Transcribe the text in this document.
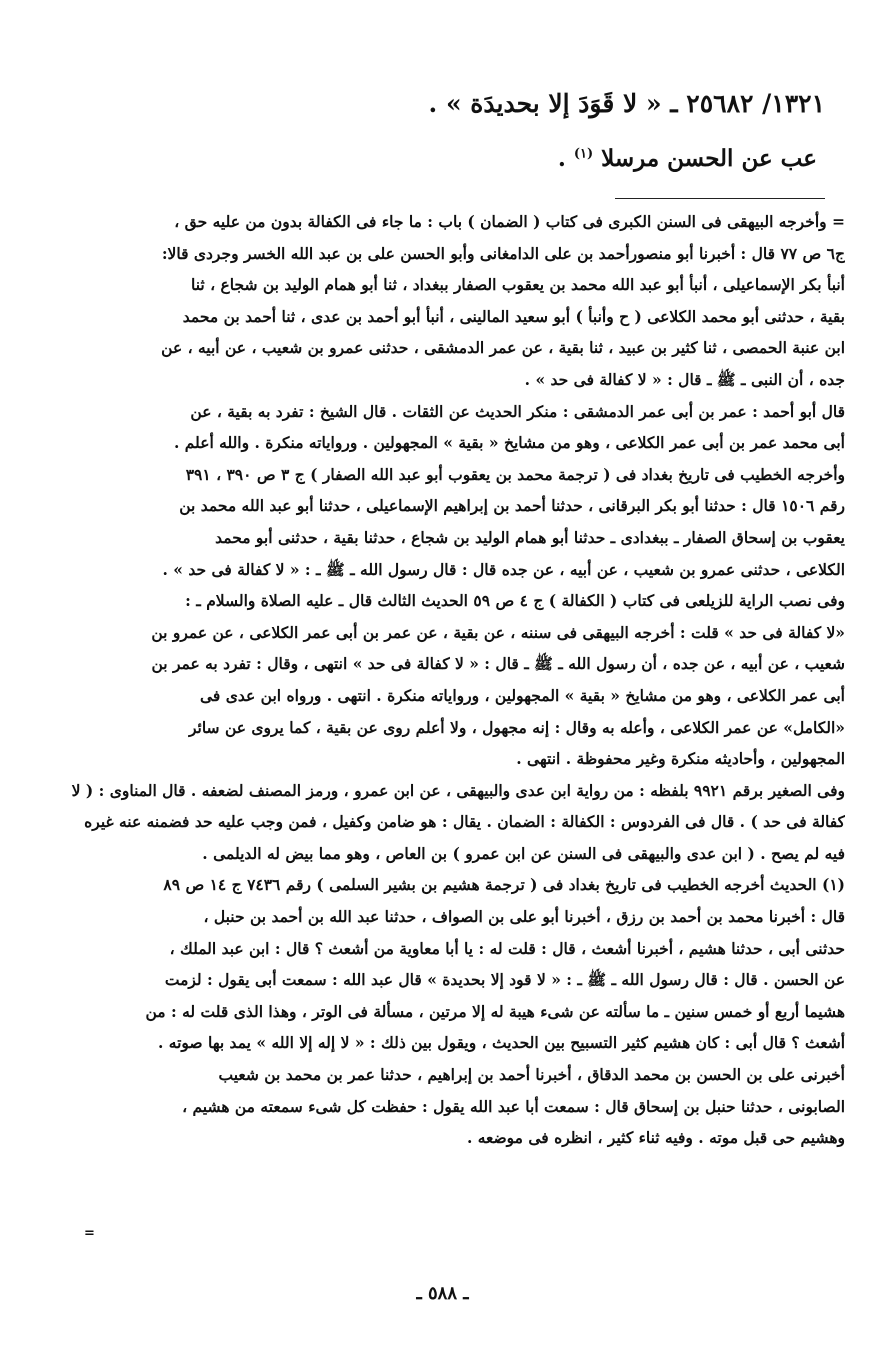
١٣٢١/ ٢٥٦٨٢ ـ « لا قَوَدَ إلا بحديدَة » .
عب عن الحسن مرسلا $^{(١)}$ .
= وأخرجه البيهقى فى السنن الكبرى فى كتاب ( الضمان ) باب : ما جاء فى الكفالة بدون من عليه حق ،
ج٦ ص ٧٧ قال : أخبرنا أبو منصورأحمد بن على الدامغانى وأبو الحسن على بن عبد الله الخسر وجردى قالا:
أنبأ بكر الإسماعيلى ، أنبأ أبو عبد الله محمد بن يعقوب الصفار ببغداد ، ثنا أبو همام الوليد بن شجاع ، ثنا
بقية ، حدثنى أبو محمد الكلاعى ( ح وأنبأ ) أبو سعيد المالينى ، أنبأ أبو أحمد بن عدى ، ثنا أحمد بن محمد
ابن عنبة الحمصى ، ثنا كثير بن عبيد ، ثنا بقية ، عن عمر الدمشقى ، حدثنى عمرو بن شعيب ، عن أبيه ، عن
جده ، أن النبى ـ ﷺ ـ قال : « لا كفالة فى حد » .
قال أبو أحمد : عمر بن أبى عمر الدمشقى : منكر الحديث عن الثقات . قال الشيخ : تفرد به بقية ، عن
أبى محمد عمر بن أبى عمر الكلاعى ، وهو من مشايخ « بقية » المجهولين . ورواياته منكرة . والله أعلم .
وأخرجه الخطيب فى تاريخ بغداد فى ( ترجمة محمد بن يعقوب أبو عبد الله الصفار ) ج ٣ ص ٣٩٠ ، ٣٩١
رقم ١٥٠٦ قال : حدثنا أبو بكر البرقانى ، حدثنا أحمد بن إبراهيم الإسماعيلى ، حدثنا أبو عبد الله محمد بن
يعقوب بن إسحاق الصفار ـ ببغدادى ـ حدثنا أبو همام الوليد بن شجاع ، حدثنا بقية ، حدثنى أبو محمد
الكلاعى ، حدثنى عمرو بن شعيب ، عن أبيه ، عن جده قال : قال رسول الله ـ ﷺ ـ : « لا كفالة فى حد » .
وفى نصب الراية للزيلعى فى كتاب ( الكفالة ) ج ٤ ص ٥٩ الحديث الثالث قال ـ عليه الصلاة والسلام ـ :
«لا كفالة فى حد » قلت : أخرجه البيهقى فى سننه ، عن بقية ، عن عمر بن أبى عمر الكلاعى ، عن عمرو بن
شعيب ، عن أبيه ، عن جده ، أن رسول الله ـ ﷺ ـ قال : « لا كفالة فى حد » انتهى ، وقال : تفرد به عمر بن
أبى عمر الكلاعى ، وهو من مشايخ « بقية » المجهولين ، ورواياته منكرة . انتهى . ورواه ابن عدى فى
«الكامل» عن عمر الكلاعى ، وأعله به وقال : إنه مجهول ، ولا أعلم روى عن بقية ، كما يروى عن سائر
المجهولين ، وأحاديثه منكرة وغير محفوظة . انتهى .
وفى الصغير برقم ٩٩٢١ بلفظه : من رواية ابن عدى والبيهقى ، عن ابن عمرو ، ورمز المصنف لضعفه . قال المناوى : ( لا
كفالة فى حد ) . قال فى الفردوس : الكفالة : الضمان . يقال : هو ضامن وكفيل ، فمن وجب عليه حد فضمنه عنه غيره
فيه لم يصح . ( ابن عدى والبيهقى فى السنن عن ابن عمرو ) بن العاص ، وهو مما بيض له الديلمى .
(١) الحديث أخرجه الخطيب فى تاريخ بغداد فى ( ترجمة هشيم بن بشير السلمى ) رقم ٧٤٣٦ ج ١٤ ص ٨٩
قال : أخبرنا محمد بن أحمد بن رزق ، أخبرنا أبو على بن الصواف ، حدثنا عبد الله بن أحمد بن حنبل ،
حدثنى أبى ، حدثنا هشيم ، أخبرنا أشعث ، قال : قلت له : يا أبا معاوية من أشعث ؟ قال : ابن عبد الملك ،
عن الحسن . قال : قال رسول الله ـ ﷺ ـ : « لا قود إلا بحديدة » قال عبد الله : سمعت أبى يقول : لزمت
هشيما أربع أو خمس سنين ـ ما سألته عن شىء هيبة له إلا مرتين ، مسألة فى الوتر ، وهذا الذى قلت له : من
أشعث ؟ قال أبى : كان هشيم كثير التسبيح بين الحديث ، ويقول بين ذلك : « لا إله إلا الله » يمد بها صوته .
أخبرنى على بن الحسن بن محمد الدقاق ، أخبرنا أحمد بن إبراهيم ، حدثنا عمر بن محمد بن شعيب
الصابونى ، حدثنا حنبل بن إسحاق قال : سمعت أبا عبد الله يقول : حفظت كل شىء سمعته من هشيم ،
وهشيم حى قبل موته . وفيه ثناء كثير ، انظره فى موضعه .
=
ـ ٥٨٨ ـ
